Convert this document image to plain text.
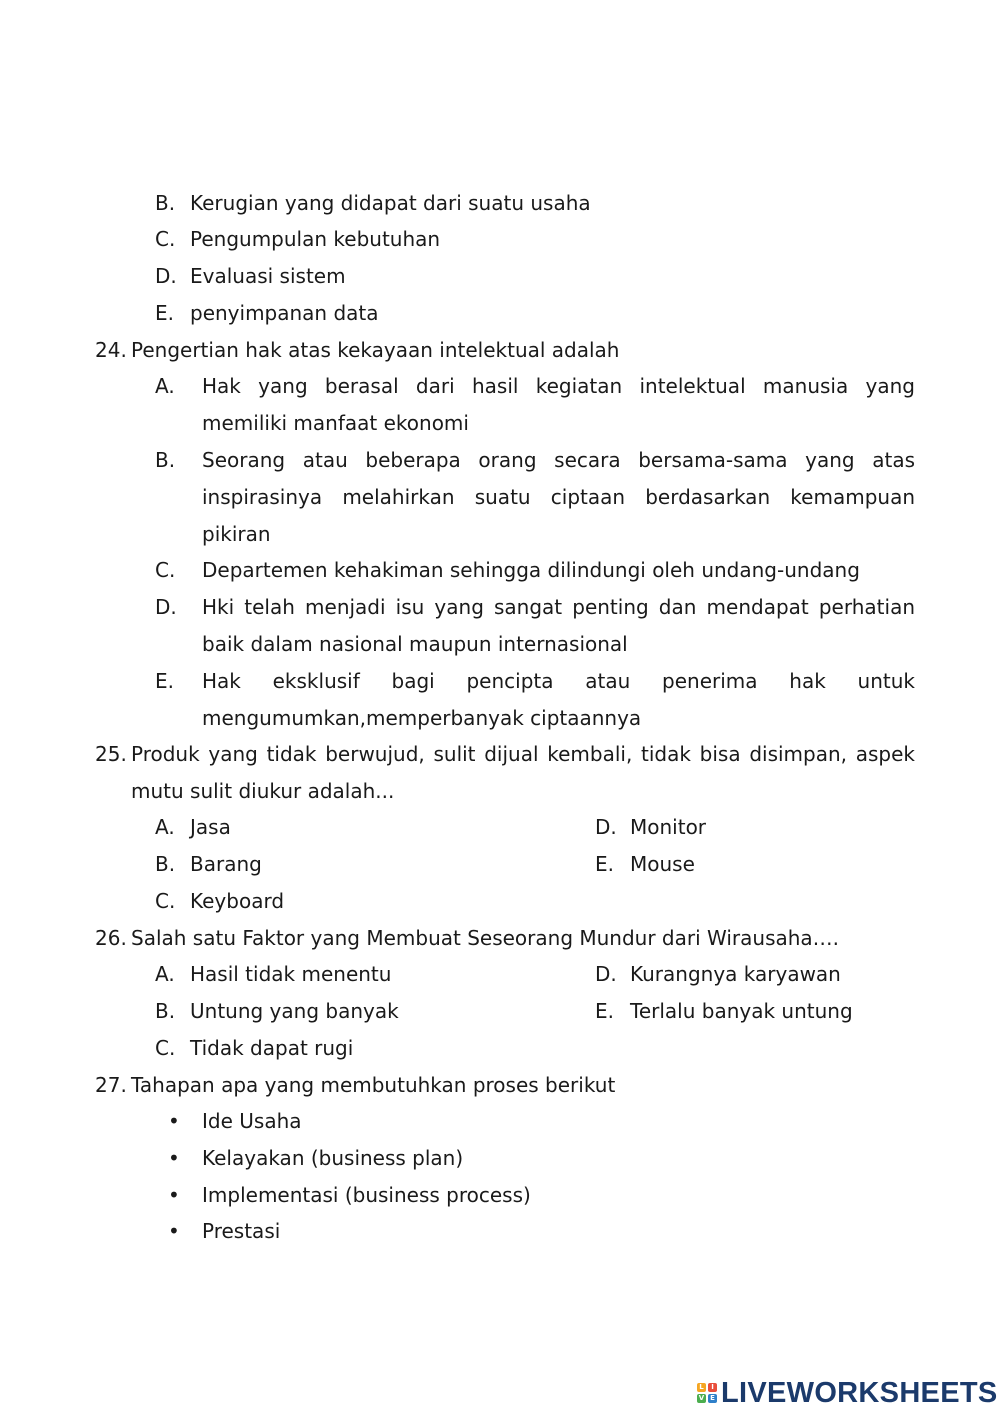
B. Kerugian yang didapat dari suatu usaha
C. Pengumpulan kebutuhan
D. Evaluasi sistem
E. penyimpanan data
24. Pengertian hak atas kekayaan intelektual adalah
A. Hak yang berasal dari hasil kegiatan intelektual manusia yang memiliki manfaat ekonomi
B. Seorang atau beberapa orang secara bersama-sama yang atas inspirasinya melahirkan suatu ciptaan berdasarkan kemampuan pikiran
C. Departemen kehakiman sehingga dilindungi oleh undang-undang
D. Hki telah menjadi isu yang sangat penting dan mendapat perhatian baik dalam nasional maupun internasional
E. Hak eksklusif bagi pencipta atau penerima hak untuk mengumumkan,memperbanyak ciptaannya
25. Produk yang tidak berwujud, sulit dijual kembali, tidak bisa disimpan, aspek mutu sulit diukur adalah...
A. Jasa
B. Barang
C. Keyboard
D. Monitor
E. Mouse
26. Salah satu Faktor yang Membuat Seseorang Mundur dari Wirausaha….
A. Hasil tidak menentu
B. Untung yang banyak
C. Tidak dapat rugi
D. Kurangnya karyawan
E. Terlalu banyak untung
27. Tahapan apa yang membutuhkan proses berikut
• Ide Usaha
• Kelayakan (business plan)
• Implementasi (business process)
• Prestasi
L	I
V E LIVEWORKSHEETS
